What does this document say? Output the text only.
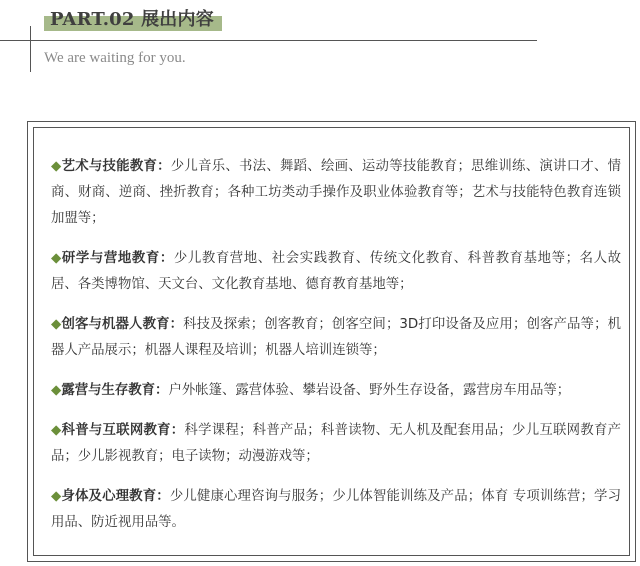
PART.02 展出内容
We are waiting for you.

◆艺术与技能教育：少儿音乐、书法、舞蹈、绘画、运动等技能教育；思维训练、演讲口才、情商、财商、逆商、挫折教育；各种工坊类动手操作及职业体验教育等；艺术与技能特色教育连锁加盟等；

◆研学与营地教育：少儿教育营地、社会实践教育、传统文化教育、科普教育基地等；名人故居、各类博物馆、天文台、文化教育基地、德育教育基地等；

◆创客与机器人教育：科技及探索；创客教育；创客空间；3D打印设备及应用；创客产品等；机器人产品展示；机器人课程及培训；机器人培训连锁等；

◆露营与生存教育：户外帐篷、露营体验、攀岩设备、野外生存设备，露营房车用品等；

◆科普与互联网教育：科学课程；科普产品；科普读物、无人机及配套用品；少儿互联网教育产品；少儿影视教育；电子读物；动漫游戏等；

◆身体及心理教育：少儿健康心理咨询与服务；少儿体智能训练及产品；体育 专项训练营；学习用品、防近视用品等。
